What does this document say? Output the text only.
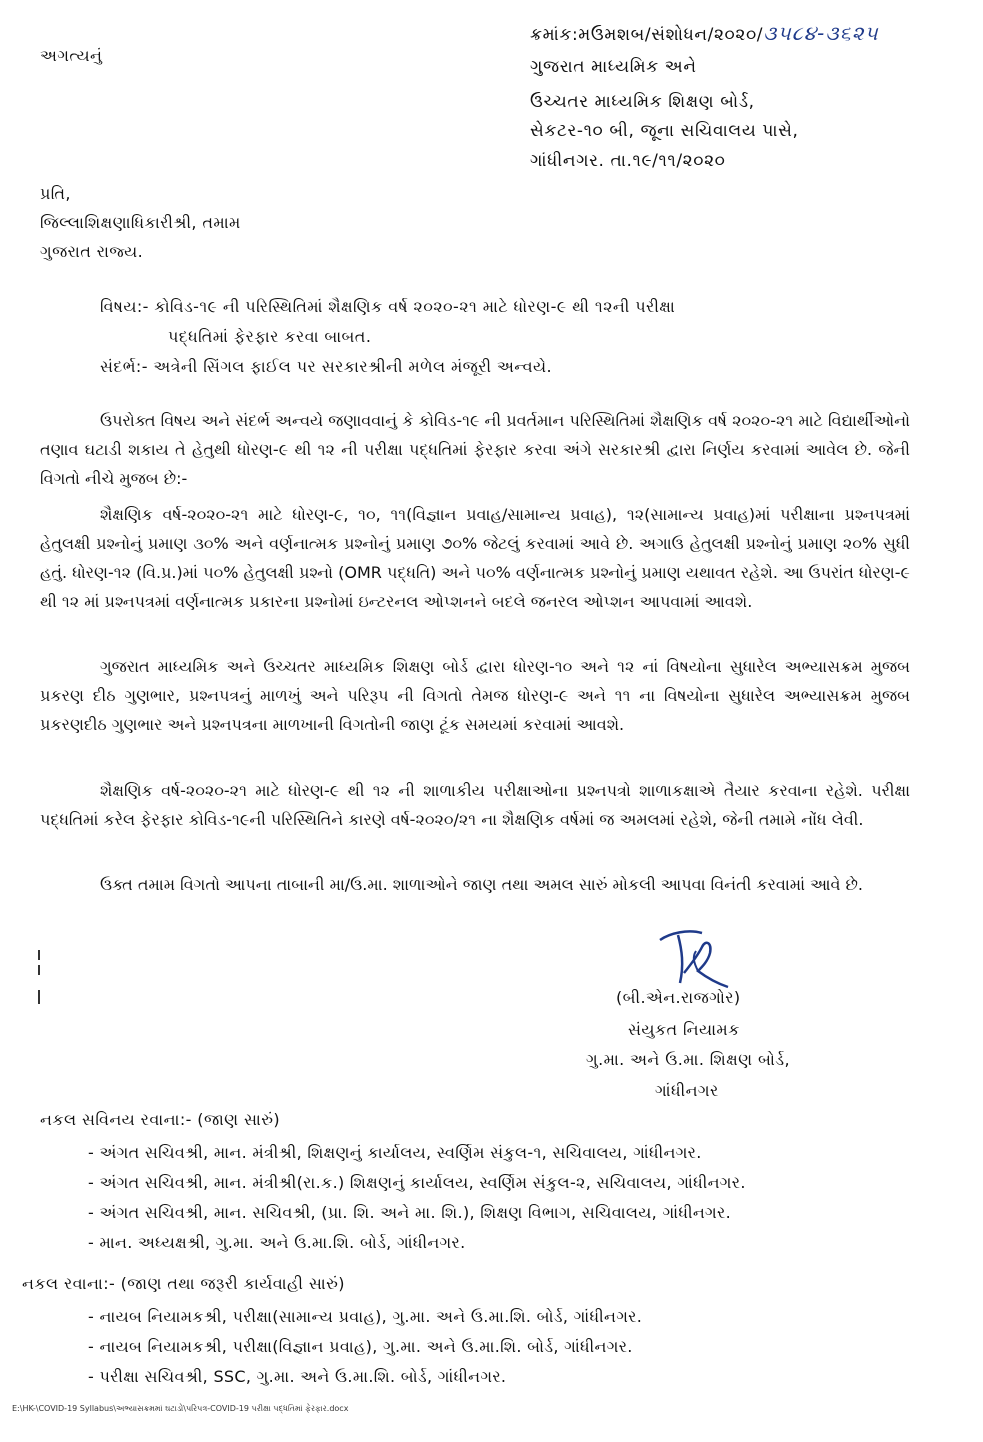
અગત્યનું
ક્રમાંક:મઉમશબ/સંશોધન/૨૦૨૦/૩૫૮૪-૩૬૨૫
ગુજરાત માધ્યમિક અને
ઉચ્ચતર માધ્યમિક શિક્ષણ બોર્ડ,
સેકટર-૧૦ બી, જૂના સચિવાલય પાસે,
ગાંધીનગર. તા.૧૯/૧૧/૨૦૨૦
પ્રતિ,
જિલ્લાશિક્ષણાધિકારીશ્રી, તમામ
ગુજરાત રાજ્ય.
વિષય:- કોવિડ-૧૯ ની પરિસ્થિતિમાં શૈક્ષણિક વર્ષ ૨૦૨૦-૨૧ માટે ધોરણ-૯ થી ૧૨ની પરીક્ષા
પદ્ધતિમાં ફેરફાર કરવા બાબત.
સંદર્ભ:- અત્રેની સિંગલ ફાઈલ પર સરકારશ્રીની મળેલ મંજૂરી અન્વયે.

ઉપરોક્ત વિષય અને સંદર્ભ અન્વયે જણાવવાનું કે કોવિડ-૧૯ ની પ્રવર્તમાન પરિસ્થિતિમાં શૈક્ષણિક વર્ષ ૨૦૨૦-૨૧ માટે વિદ્યાર્થીઓનો તણાવ ઘટાડી શકાય તે હેતુથી ધોરણ-૯ થી ૧૨ ની પરીક્ષા પદ્ધતિમાં ફેરફાર કરવા અંગે સરકારશ્રી દ્વારા નિર્ણય કરવામાં આવેલ છે. જેની વિગતો નીચે મુજબ છે:-

શૈક્ષણિક વર્ષ-૨૦૨૦-૨૧ માટે ધોરણ-૯, ૧૦, ૧૧(વિજ્ઞાન પ્રવાહ/સામાન્ય પ્રવાહ), ૧૨(સામાન્ય પ્રવાહ)માં પરીક્ષાના પ્રશ્નપત્રમાં હેતુલક્ષી પ્રશ્નોનું પ્રમાણ ૩૦% અને વર્ણનાત્મક પ્રશ્નોનું પ્રમાણ ૭૦% જેટલું કરવામાં આવે છે. અગાઉ હેતુલક્ષી પ્રશ્નોનું પ્રમાણ ૨૦% સુધી હતું. ધોરણ-૧૨ (વિ.પ્ર.)માં ૫૦% હેતુલક્ષી પ્રશ્નો (OMR પદ્ધતિ) અને ૫૦% વર્ણનાત્મક પ્રશ્નોનું પ્રમાણ યથાવત રહેશે. આ ઉપરાંત ધોરણ-૯ થી ૧૨ માં પ્રશ્નપત્રમાં વર્ણનાત્મક પ્રકારના પ્રશ્નોમાં ઇન્ટરનલ ઓપ્શનને બદલે જનરલ ઓપ્શન આપવામાં આવશે.

ગુજરાત માધ્યમિક અને ઉચ્ચતર માધ્યમિક શિક્ષણ બોર્ડ દ્વારા ધોરણ-૧૦ અને ૧૨ નાં વિષયોના સુધારેલ અભ્યાસક્રમ મુજબ પ્રકરણ દીઠ ગુણભાર, પ્રશ્નપત્રનું માળખું અને પરિરૂપ ની વિગતો તેમજ ધોરણ-૯ અને ૧૧ ના વિષયોના સુધારેલ અભ્યાસક્રમ મુજબ પ્રકરણદીઠ ગુણભાર અને પ્રશ્નપત્રના માળખાની વિગતોની જાણ ટૂંક સમયમાં કરવામાં આવશે.

શૈક્ષણિક વર્ષ-૨૦૨૦-૨૧ માટે ધોરણ-૯ થી ૧૨ ની શાળાકીય પરીક્ષાઓના પ્રશ્નપત્રો શાળાકક્ષાએ તૈયાર કરવાના રહેશે. પરીક્ષા પદ્ધતિમાં કરેલ ફેરફાર કોવિડ-૧૯ની પરિસ્થિતિને કારણે વર્ષ-૨૦૨૦/૨૧ ના શૈક્ષણિક વર્ષમાં જ અમલમાં રહેશે, જેની તમામે નોંધ લેવી.

ઉક્ત તમામ વિગતો આપના તાબાની મા/ઉ.મા. શાળાઓને જાણ તથા અમલ સારું મોકલી આપવા વિનંતી કરવામાં આવે છે.

(બી.એન.રાજગોર)
સંયુકત નિયામક
ગુ.મા. અને ઉ.મા. શિક્ષણ બોર્ડ,
ગાંધીનગર
નકલ સવિનય રવાના:- (જાણ સારું)
- અંગત સચિવશ્રી, માન. મંત્રીશ્રી, શિક્ષણનું કાર્યાલય, સ્વર્ણિમ સંકુલ-૧, સચિવાલય, ગાંધીનગર.
- અંગત સચિવશ્રી, માન. મંત્રીશ્રી(રા.ક.) શિક્ષણનું કાર્યાલય, સ્વર્ણિમ સંકુલ-૨, સચિવાલય, ગાંધીનગર.
- અંગત સચિવશ્રી, માન. સચિવશ્રી, (પ્રા. શિ. અને મા. શિ.), શિક્ષણ વિભાગ, સચિવાલય, ગાંધીનગર.
- માન. અધ્યક્ષશ્રી, ગુ.મા. અને ઉ.મા.શિ. બોર્ડ, ગાંધીનગર.
નકલ રવાના:- (જાણ તથા જરૂરી કાર્યવાહી સારું)
- નાયબ નિયામકશ્રી, પરીક્ષા(સામાન્ય પ્રવાહ), ગુ.મા. અને ઉ.મા.શિ. બોર્ડ, ગાંધીનગર.
- નાયબ નિયામકશ્રી, પરીક્ષા(વિજ્ઞાન પ્રવાહ), ગુ.મા. અને ઉ.મા.શિ. બોર્ડ, ગાંધીનગર.
- પરીક્ષા સચિવશ્રી, SSC, ગુ.મા. અને ઉ.મા.શિ. બોર્ડ, ગાંધીનગર.
E:\HK-\COVID-19 Syllabus\અભ્યાસક્રમમાં ઘટાડો\પરિપત્ર-COVID-19 પરીક્ષા પદ્ધતિમાં ફેરફાર.docx
